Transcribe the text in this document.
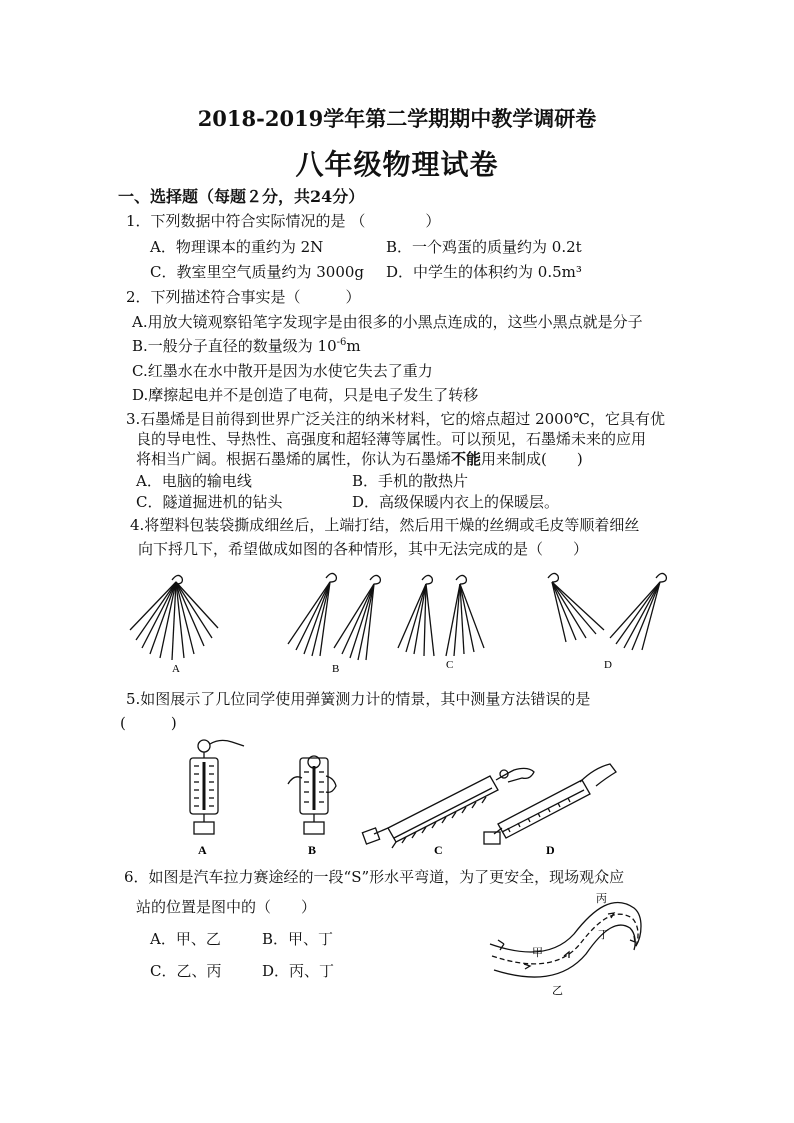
2018-2019学年第二学期期中教学调研卷
八年级物理试卷
一、选择题（每题２分，共24分）
1．下列数据中符合实际情况的是 （　　　　）
A．物理课本的重约为 2N	B．一个鸡蛋的质量约为 0.2t
C．教室里空气质量约为 3000g D．中学生的体积约为 0.5m³
2．下列描述符合事实是（　　　）
A.用放大镜观察铅笔字发现字是由很多的小黑点连成的，这些小黑点就是分子
B.一般分子直径的数量级为 $10^{-6}m$
C.红墨水在水中散开是因为水使它失去了重力
D.摩擦起电并不是创造了电荷，只是电子发生了转移
3.石墨烯是目前得到世界广泛关注的纳米材料，它的熔点超过 2000℃，它具有优
良的导电性、导热性、高强度和超轻薄等属性。可以预见，石墨烯未来的应用
将相当广阔。根据石墨烯的属性，你认为石墨烯不能用来制成(　　)
A．电脑的输电线	B．手机的散热片
C．隧道掘进机的钻头	D．高级保暖内衣上的保暖层。
4.将塑料包装袋撕成细丝后，上端打结，然后用干燥的丝绸或毛皮等顺着细丝
向下捋几下，希望做成如图的各种情形，其中无法完成的是（　　）
A	B	C	D
5.如图展示了几位同学使用弹簧测力计的情景，其中测量方法错误的是
(　　　)
A	B	C	D
6．如图是汽车拉力赛途经的一段“S”形水平弯道，为了更安全，现场观众应
站的位置是图中的（　　）
A．甲、乙	B．甲、丁
C．乙、丙	D．丙、丁
甲
乙
丙
丁
